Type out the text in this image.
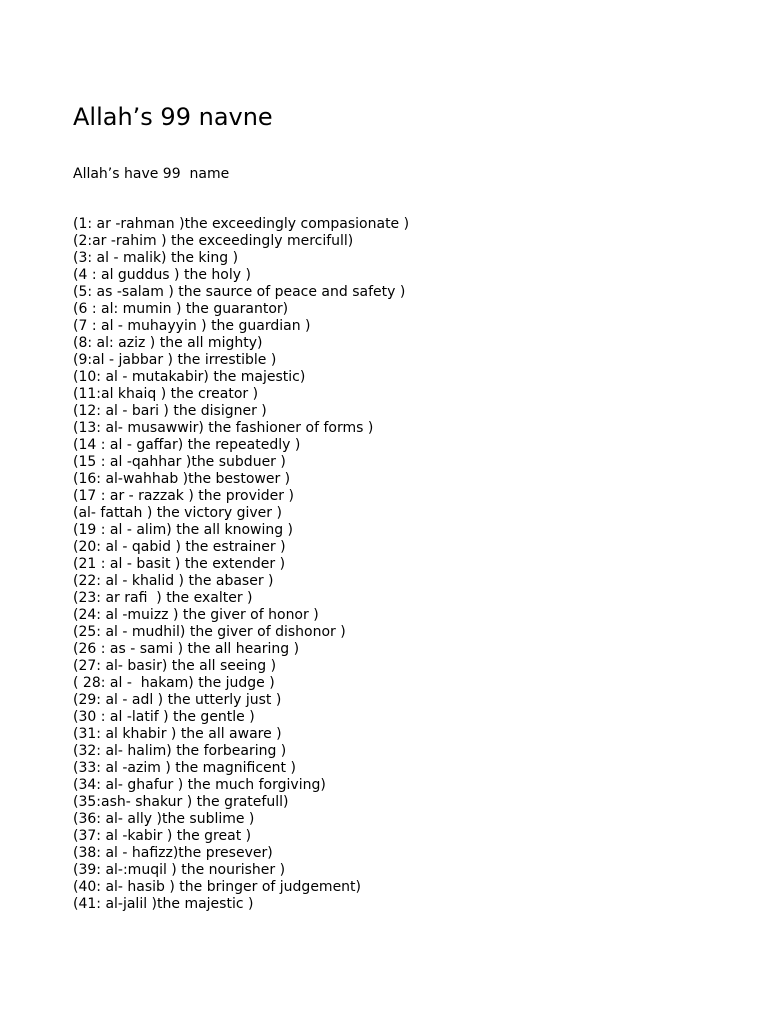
Allah’s 99 navne

Allah’s have 99  name

(1: ar -rahman )the exceedingly compasionate )
(2:ar -rahim ) the exceedingly mercifull)
(3: al - malik) the king )
(4 : al guddus ) the holy )
(5: as -salam ) the saurce of peace and safety )
(6 : al: mumin ) the guarantor)
(7 : al - muhayyin ) the guardian )
(8: al: aziz ) the all mighty)
(9:al - jabbar ) the irrestible )
(10: al - mutakabir) the majestic)
(11:al khaiq ) the creator )
(12: al - bari ) the disigner )
(13: al- musawwir) the fashioner of forms )
(14 : al - gaffar) the repeatedly )
(15 : al -qahhar )the subduer )
(16: al-wahhab )the bestower )
(17 : ar - razzak ) the provider )
(al- fattah ) the victory giver )
(19 : al - alim) the all knowing )
(20: al - qabid ) the estrainer )
(21 : al - basit ) the extender )
(22: al - khalid ) the abaser )
(23: ar rafi  ) the exalter )
(24: al -muizz ) the giver of honor )
(25: al - mudhil) the giver of dishonor )
(26 : as - sami ) the all hearing )
(27: al- basir) the all seeing )
( 28: al -  hakam) the judge )
(29: al - adl ) the utterly just )
(30 : al -latif ) the gentle )
(31: al khabir ) the all aware )
(32: al- halim) the forbearing )
(33: al -azim ) the magnificent )
(34: al- ghafur ) the much forgiving)
(35:ash- shakur ) the gratefull)
(36: al- ally )the sublime )
(37: al -kabir ) the great )
(38: al - hafizz)the presever)
(39: al-:muqil ) the nourisher )
(40: al- hasib ) the bringer of judgement)
(41: al-jalil )the majestic )
